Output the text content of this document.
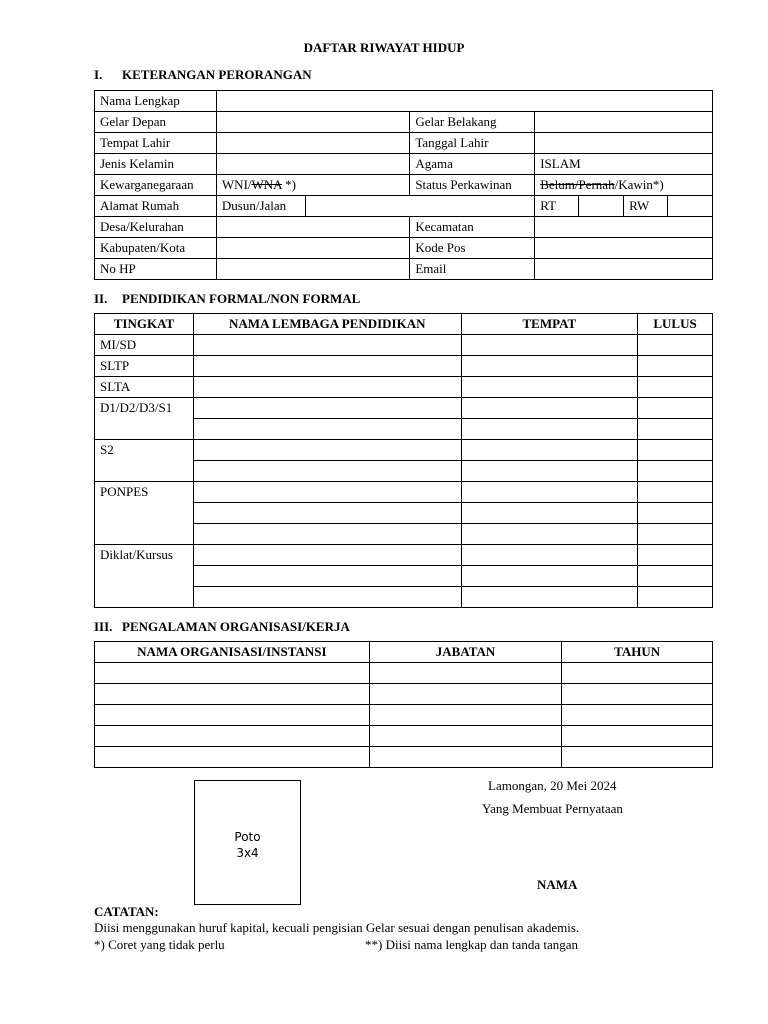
DAFTAR RIWAYAT HIDUP
I. KETERANGAN PERORANGAN
Nama Lengkap							
Gelar Depan			Gelar Belakang				
Tempat Lahir			Tanggal Lahir				
Jenis Kelamin			Agama	ISLAM			
Kewarganegaraan	WNI/WNA *)		Status Perkawinan	Belum/Pernah/Kawin*)			
Alamat Rumah	Dusun/Jalan			RT		RW	
Desa/Kelurahan			Kecamatan				
Kabupaten/Kota			Kode Pos				
No HP			Email				
II. PENDIDIKAN FORMAL/NON FORMAL
TINGKAT	NAMA LEMBAGA PENDIDIKAN	TEMPAT	LULUS
MI/SD			
SLTP			
SLTA			
D1/D2/D3/S1			

S2			

PONPES			

Diklat/Kursus			

III. PENGALAMAN ORGANISASI/KERJA
NAMA ORGANISASI/INSTANSI	JABATAN	TAHUN

Poto
3x4
Lamongan, 20 Mei 2024
Yang Membuat Pernyataan
NAMA
CATATAN:
Diisi menggunakan huruf kapital, kecuali pengisian Gelar sesuai dengan penulisan akademis.
*) Coret yang tidak perlu	**) Diisi nama lengkap dan tanda tangan
